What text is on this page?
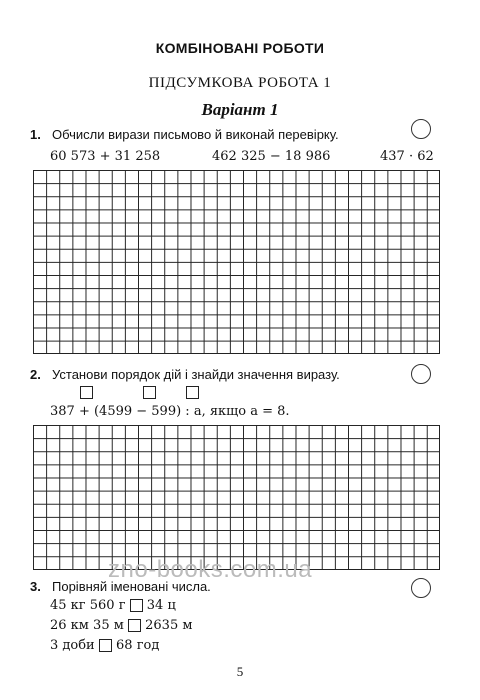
КОМБІНОВАНІ РОБОТИ
ПІДСУМКОВА РОБОТА 1
Варіант 1
1. Обчисли вирази письмово й виконай перевірку.
60 573 + 31 258	462 325 − 18 986	437 · 62
2. Установи порядок дій і знайди значення виразу.
387 + (4599 − 599) : a, якщо a = 8.
zno-books.com.ua
3. Порівняй іменовані числа.
45 кг 560 г 34 ц
26 км 35 м 2635 м
3 доби 68 год
5
